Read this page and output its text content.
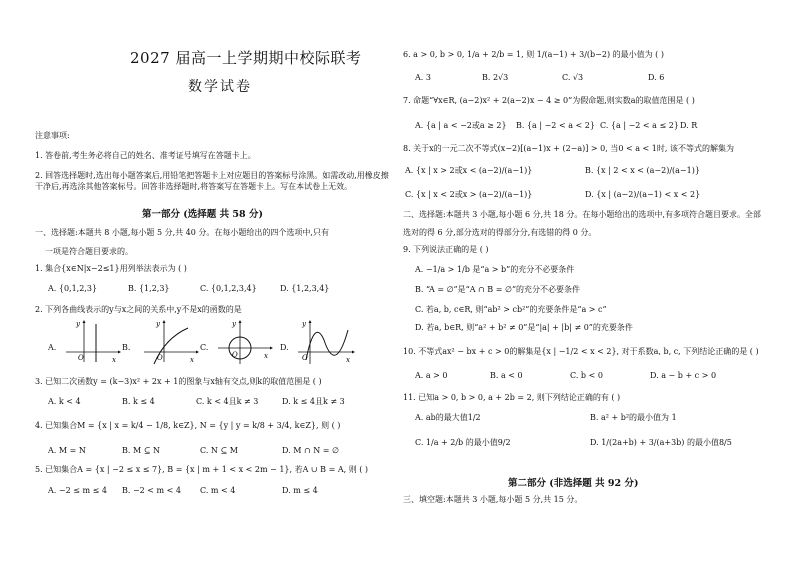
2027 届高一上学期期中校际联考
数学试卷
注意事项:
1. 答卷前,考生务必将自己的姓名、准考证号填写在答题卡上。
2. 回答选择题时,选出每小题答案后,用铅笔把答题卡上对应题目的答案标号涂黑。如需改动,用橡皮擦干净后,再选涂其他答案标号。回答非选择题时,将答案写在答题卡上。写在本试卷上无效。
第一部分 (选择题 共 58 分)
一、选择题:本题共 8 小题,每小题 5 分,共 40 分。在每小题给出的四个选项中,只有
一项是符合题目要求的。
1. 集合{x∈N|x−2≤1}用列举法表示为 ( )
A. {0,1,2,3}	B. {1,2,3}	C. {0,1,2,3,4}	D. {1,2,3,4}
2. 下列各曲线表示的y与x之间的关系中,y不是x的函数的是
A.	B.	C.	D.
O	x
y
O	x
y
O	x
y
O	x
y
3. 已知二次函数y = (k−3)x² + 2x + 1的图象与x轴有交点,则k的取值范围是 ( )
A. k < 4	B. k ≤ 4	C. k < 4且k ≠ 3	D. k ≤ 4且k ≠ 3
4. 已知集合M = {x | x = k/4 − 1/8, k∈Z}, N = {y | y = k/8 + 3/4, k∈Z}, 则 ( )
A. M = N	B. M ⊆ N	C. N ⊆ M	D. M ∩ N = ∅
5. 已知集合A = {x | −2 ≤ x ≤ 7}, B = {x | m + 1 < x < 2m − 1}, 若A ∪ B = A, 则 ( )
A. −2 ≤ m ≤ 4 B. −2 < m < 4 C. m < 4	D. m ≤ 4
6. a > 0, b > 0, 1/a + 2/b = 1, 则 1/(a−1) + 3/(b−2) 的最小值为 ( )
A. 3	B. 2√3	C. √3	D. 6
7. 命题“∀x∈R, (a−2)x² + 2(a−2)x − 4 ≥ 0”为假命题,则实数a的取值范围是 ( )
A. {a | a < −2或a ≥ 2} B. {a | −2 < a < 2} C. {a | −2 < a ≤ 2} D. R
8. 关于x的一元二次不等式(x−2)[(a−1)x + (2−a)] > 0, 当0 < a < 1时, 该不等式的解集为
A. {x | x > 2或x < (a−2)/(a−1)}	B. {x | 2 < x < (a−2)/(a−1)}
C. {x | x < 2或x > (a−2)/(a−1)}	D. {x | (a−2)/(a−1) < x < 2}
二、选择题:本题共 3 小题,每小题 6 分,共 18 分。在每小题给出的选项中,有多项符合题目要求。全部选对的得 6 分,部分选对的得部分分,有选错的得 0 分。
9. 下列说法正确的是 ( )
A. −1/a > 1/b 是“a > b”的充分不必要条件
B. “A = ∅”是“A ∩ B = ∅”的充分不必要条件
C. 若a, b, c∈R, 则“ab² > cb²”的充要条件是“a > c”
D. 若a, b∈R, 则“a² + b² ≠ 0”是“|a| + |b| ≠ 0”的充要条件
10. 不等式ax² − bx + c > 0的解集是{x | −1/2 < x < 2}, 对于系数a, b, c, 下列结论正确的是 ( )
A. a > 0	B. a < 0	C. b < 0	D. a − b + c > 0
11. 已知a > 0, b > 0, a + 2b = 2, 则下列结论正确的有 ( )
A. ab的最大值1/2	B. a² + b²的最小值为 1
C. 1/a + 2/b 的最小值9/2	D. 1/(2a+b) + 3/(a+3b) 的最小值8/5
第二部分 (非选择题 共 92 分)
三、填空题:本题共 3 小题,每小题 5 分,共 15 分。
